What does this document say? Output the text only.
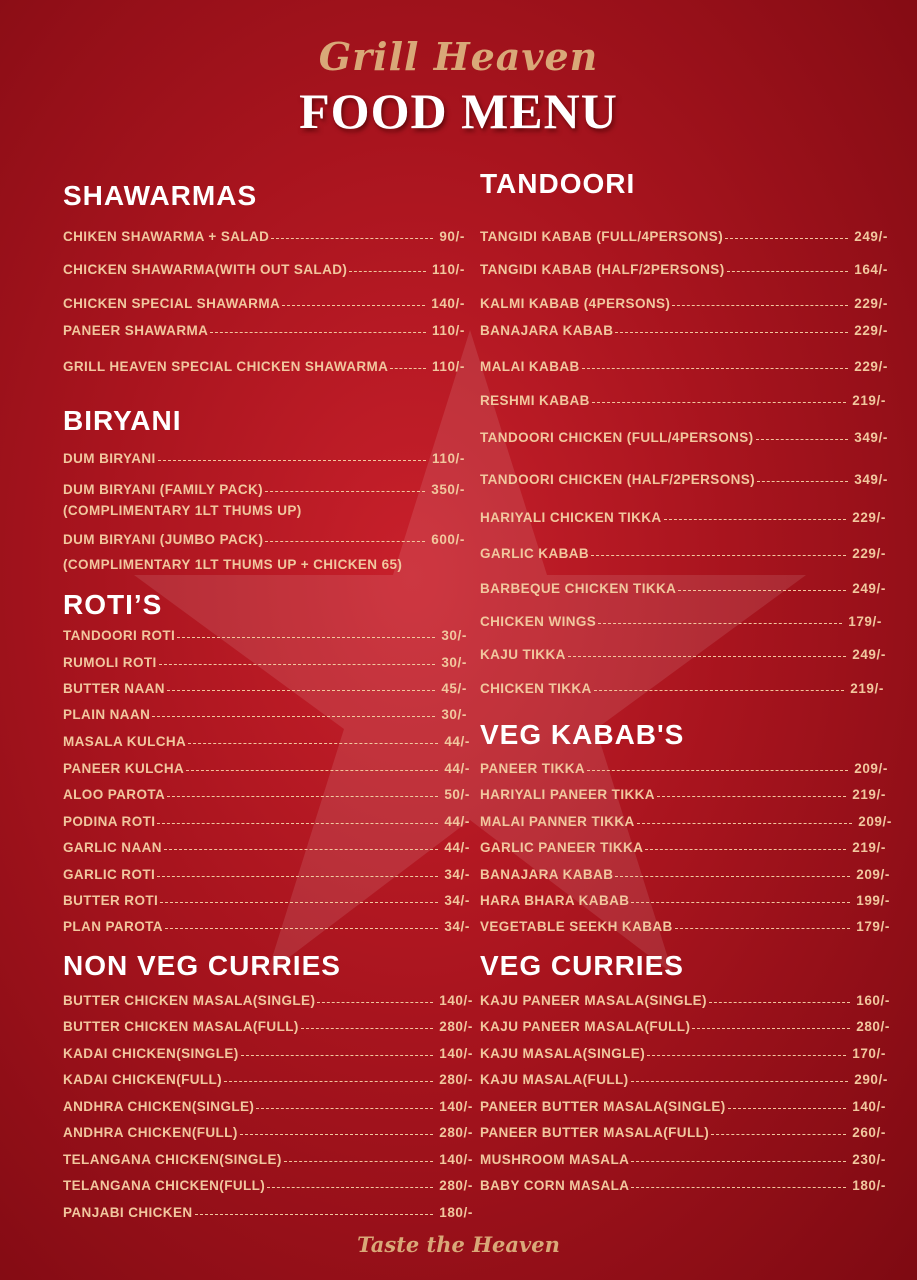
Grill Heaven
FOOD MENU
SHAWARMAS
CHIKEN SHAWARMA + SALAD	90/-
CHICKEN SHAWARMA(WITH OUT SALAD)	110/-
CHICKEN SPECIAL SHAWARMA	140/-
PANEER SHAWARMA	110/-
GRILL HEAVEN SPECIAL CHICKEN SHAWARMA	110/-
BIRYANI
DUM BIRYANI	110/-
DUM BIRYANI (FAMILY PACK)	350/-
(COMPLIMENTARY 1LT THUMS UP)
DUM BIRYANI (JUMBO PACK)	600/-
(COMPLIMENTARY 1LT THUMS UP + CHICKEN 65)
ROTI’S
TANDOORI ROTI	30/-
RUMOLI ROTI	30/-
BUTTER NAAN	45/-
PLAIN NAAN	30/-
MASALA KULCHA	44/-
PANEER KULCHA	44/-
ALOO PAROTA	50/-
PODINA ROTI	44/-
GARLIC NAAN	44/-
GARLIC ROTI	34/-
BUTTER ROTI	34/-
PLAN PAROTA	34/-
NON VEG CURRIES
BUTTER CHICKEN MASALA(SINGLE)	140/-
BUTTER CHICKEN MASALA(FULL)	280/-
KADAI CHICKEN(SINGLE)	140/-
KADAI CHICKEN(FULL)	280/-
ANDHRA CHICKEN(SINGLE)	140/-
ANDHRA CHICKEN(FULL)	280/-
TELANGANA CHICKEN(SINGLE)	140/-
TELANGANA CHICKEN(FULL)	280/-
PANJABI CHICKEN	180/-
TANDOORI
TANGIDI KABAB (FULL/4PERSONS)	249/-
TANGIDI KABAB (HALF/2PERSONS)	164/-
KALMI KABAB (4PERSONS)	229/-
BANAJARA KABAB	229/-
MALAI KABAB	229/-
RESHMI KABAB	219/-
TANDOORI CHICKEN (FULL/4PERSONS)	349/-
TANDOORI CHICKEN (HALF/2PERSONS)	349/-
HARIYALI CHICKEN TIKKA	229/-
GARLIC KABAB	229/-
BARBEQUE CHICKEN TIKKA	249/-
CHICKEN WINGS	179/-
KAJU TIKKA	249/-
CHICKEN TIKKA	219/-
VEG KABAB'S
PANEER TIKKA	209/-
HARIYALI PANEER TIKKA	219/-
MALAI PANNER TIKKA	209/-
GARLIC PANEER TIKKA	219/-
BANAJARA KABAB	209/-
HARA BHARA KABAB	199/-
VEGETABLE SEEKH KABAB	179/-
VEG CURRIES
KAJU PANEER MASALA(SINGLE)	160/-
KAJU PANEER MASALA(FULL)	280/-
KAJU MASALA(SINGLE)	170/-
KAJU MASALA(FULL)	290/-
PANEER BUTTER MASALA(SINGLE)	140/-
PANEER BUTTER MASALA(FULL)	260/-
MUSHROOM MASALA	230/-
BABY CORN MASALA	180/-
Taste the Heaven
